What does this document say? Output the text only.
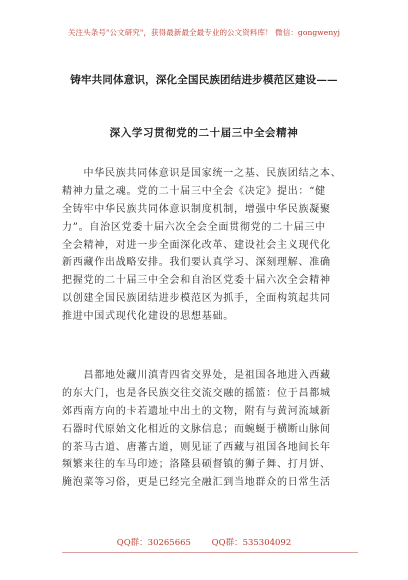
关注头条号"公文研究"，获得最新最全最专业的公文资料库！ 微信：gongwenyj
铸牢共同体意识，深化全国民族团结进步模范区建设——
深入学习贯彻党的二十届三中全会精神
　　中华民族共同体意识是国家统一之基、民族团结之本、
精神力量之魂。党的二十届三中全会《决定》提出：“健
全铸牢中华民族共同体意识制度机制，增强中华民族凝聚
力”。自治区党委十届六次全会全面贯彻党的二十届三中
全会精神，对进一步全面深化改革、建设社会主义现代化
新西藏作出战略安排。我们要认真学习、深刻理解、准确
把握党的二十届三中全会和自治区党委十届六次全会精神
以创建全国民族团结进步模范区为抓手，全面构筑起共同
推进中国式现代化建设的思想基础。
　　昌都地处藏川滇青四省交界处，是祖国各地进入西藏
的东大门，也是各民族交往交流交融的摇篮：位于昌都城
郊西南方向的卡若遗址中出土的文物，附有与黄河流域新
石器时代原始文化相近的文脉信息；而蜿蜒于横断山脉间
的茶马古道、唐蕃古道，则见证了西藏与祖国各地间长年
频繁来往的车马印迹；洛隆县硕督镇的狮子舞、打月饼、
腌泡菜等习俗，更是已经完全融汇到当地群众的日常生活
QQ群：30265665 QQ群：535304092
